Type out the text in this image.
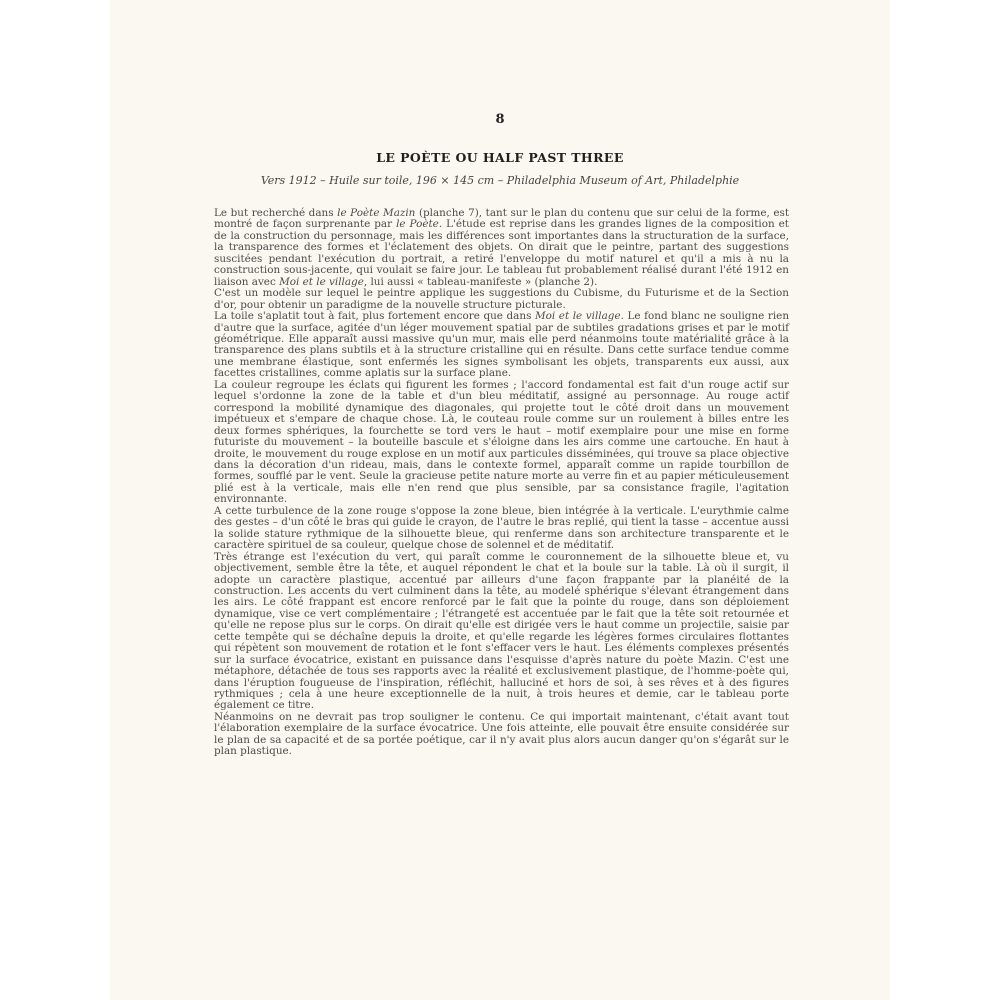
8
LE POÈTE OU HALF PAST THREE
Vers 1912 – Huile sur toile, 196 × 145 cm – Philadelphia Museum of Art, Philadelphie

Le but recherché dans le Poète Mazin (planche 7), tant sur le plan du contenu que sur celui de la forme, est montré de façon surprenante par le Poète. L'étude est reprise dans les grandes lignes de la composition et de la construction du personnage, mais les différences sont importantes dans la structuration de la surface, la transparence des formes et l'éclatement des objets. On dirait que le peintre, partant des suggestions suscitées pendant l'exécution du portrait, a retiré l'enveloppe du motif naturel et qu'il a mis à nu la construction sous-jacente, qui voulait se faire jour. Le tableau fut probablement réalisé durant l'été 1912 en liaison avec Moi et le village, lui aussi « tableau-manifeste » (planche 2).

C'est un modèle sur lequel le peintre applique les suggestions du Cubisme, du Futurisme et de la Section d'or, pour obtenir un paradigme de la nouvelle structure picturale.

La toile s'aplatit tout à fait, plus fortement encore que dans Moi et le village. Le fond blanc ne souligne rien d'autre que la surface, agitée d'un léger mouvement spatial par de subtiles gradations grises et par le motif géométrique. Elle apparaît aussi massive qu'un mur, mais elle perd néanmoins toute matérialité grâce à la transparence des plans subtils et à la structure cristalline qui en résulte. Dans cette surface tendue comme une membrane élastique, sont enfermés les signes symbolisant les objets, transparents eux aussi, aux facettes cristallines, comme aplatis sur la surface plane.

La couleur regroupe les éclats qui figurent les formes ; l'accord fondamental est fait d'un rouge actif sur lequel s'ordonne la zone de la table et d'un bleu méditatif, assigné au personnage. Au rouge actif correspond la mobilité dynamique des diagonales, qui projette tout le côté droit dans un mouvement impétueux et s'empare de chaque chose. Là, le couteau roule comme sur un roulement à billes entre les deux formes sphériques, la fourchette se tord vers le haut – motif exemplaire pour une mise en forme futuriste du mouvement – la bouteille bascule et s'éloigne dans les airs comme une cartouche. En haut à droite, le mouvement du rouge explose en un motif aux particules disséminées, qui trouve sa place objective dans la décoration d'un rideau, mais, dans le contexte formel, apparaît comme un rapide tourbillon de formes, soufflé par le vent. Seule la gracieuse petite nature morte au verre fin et au papier méticuleusement plié est à la verticale, mais elle n'en rend que plus sensible, par sa consistance fragile, l'agitation environnante.

A cette turbulence de la zone rouge s'oppose la zone bleue, bien intégrée à la verticale. L'eurythmie calme des gestes – d'un côté le bras qui guide le crayon, de l'autre le bras replié, qui tient la tasse – accentue aussi la solide stature rythmique de la silhouette bleue, qui renferme dans son architecture transparente et le caractère spirituel de sa couleur, quelque chose de solennel et de méditatif.

Très étrange est l'exécution du vert, qui paraît comme le couronnement de la silhouette bleue et, vu objectivement, semble être la tête, et auquel répondent le chat et la boule sur la table. Là où il surgit, il adopte un caractère plastique, accentué par ailleurs d'une façon frappante par la planéité de la construction. Les accents du vert culminent dans la tête, au modelé sphérique s'élevant étrangement dans les airs. Le côté frappant est encore renforcé par le fait que la pointe du rouge, dans son déploiement dynamique, vise ce vert complémentaire ; l'étrangeté est accentuée par le fait que la tête soit retournée et qu'elle ne repose plus sur le corps. On dirait qu'elle est dirigée vers le haut comme un projectile, saisie par cette tempête qui se déchaîne depuis la droite, et qu'elle regarde les légères formes circulaires flottantes qui répètent son mouvement de rotation et le font s'effacer vers le haut. Les éléments complexes présentés sur la surface évocatrice, existant en puissance dans l'esquisse d'après nature du poète Mazin. C'est une métaphore, détachée de tous ses rapports avec la réalité et exclusivement plastique, de l'homme-poète qui, dans l'éruption fougueuse de l'inspiration, réfléchit, halluciné et hors de soi, à ses rêves et à des figures rythmiques ; cela à une heure exceptionnelle de la nuit, à trois heures et demie, car le tableau porte également ce titre.

Néanmoins on ne devrait pas trop souligner le contenu. Ce qui importait maintenant, c'était avant tout l'élaboration exemplaire de la surface évocatrice. Une fois atteinte, elle pouvait être ensuite considérée sur le plan de sa capacité et de sa portée poétique, car il n'y avait plus alors aucun danger qu'on s'égarât sur le plan plastique.
